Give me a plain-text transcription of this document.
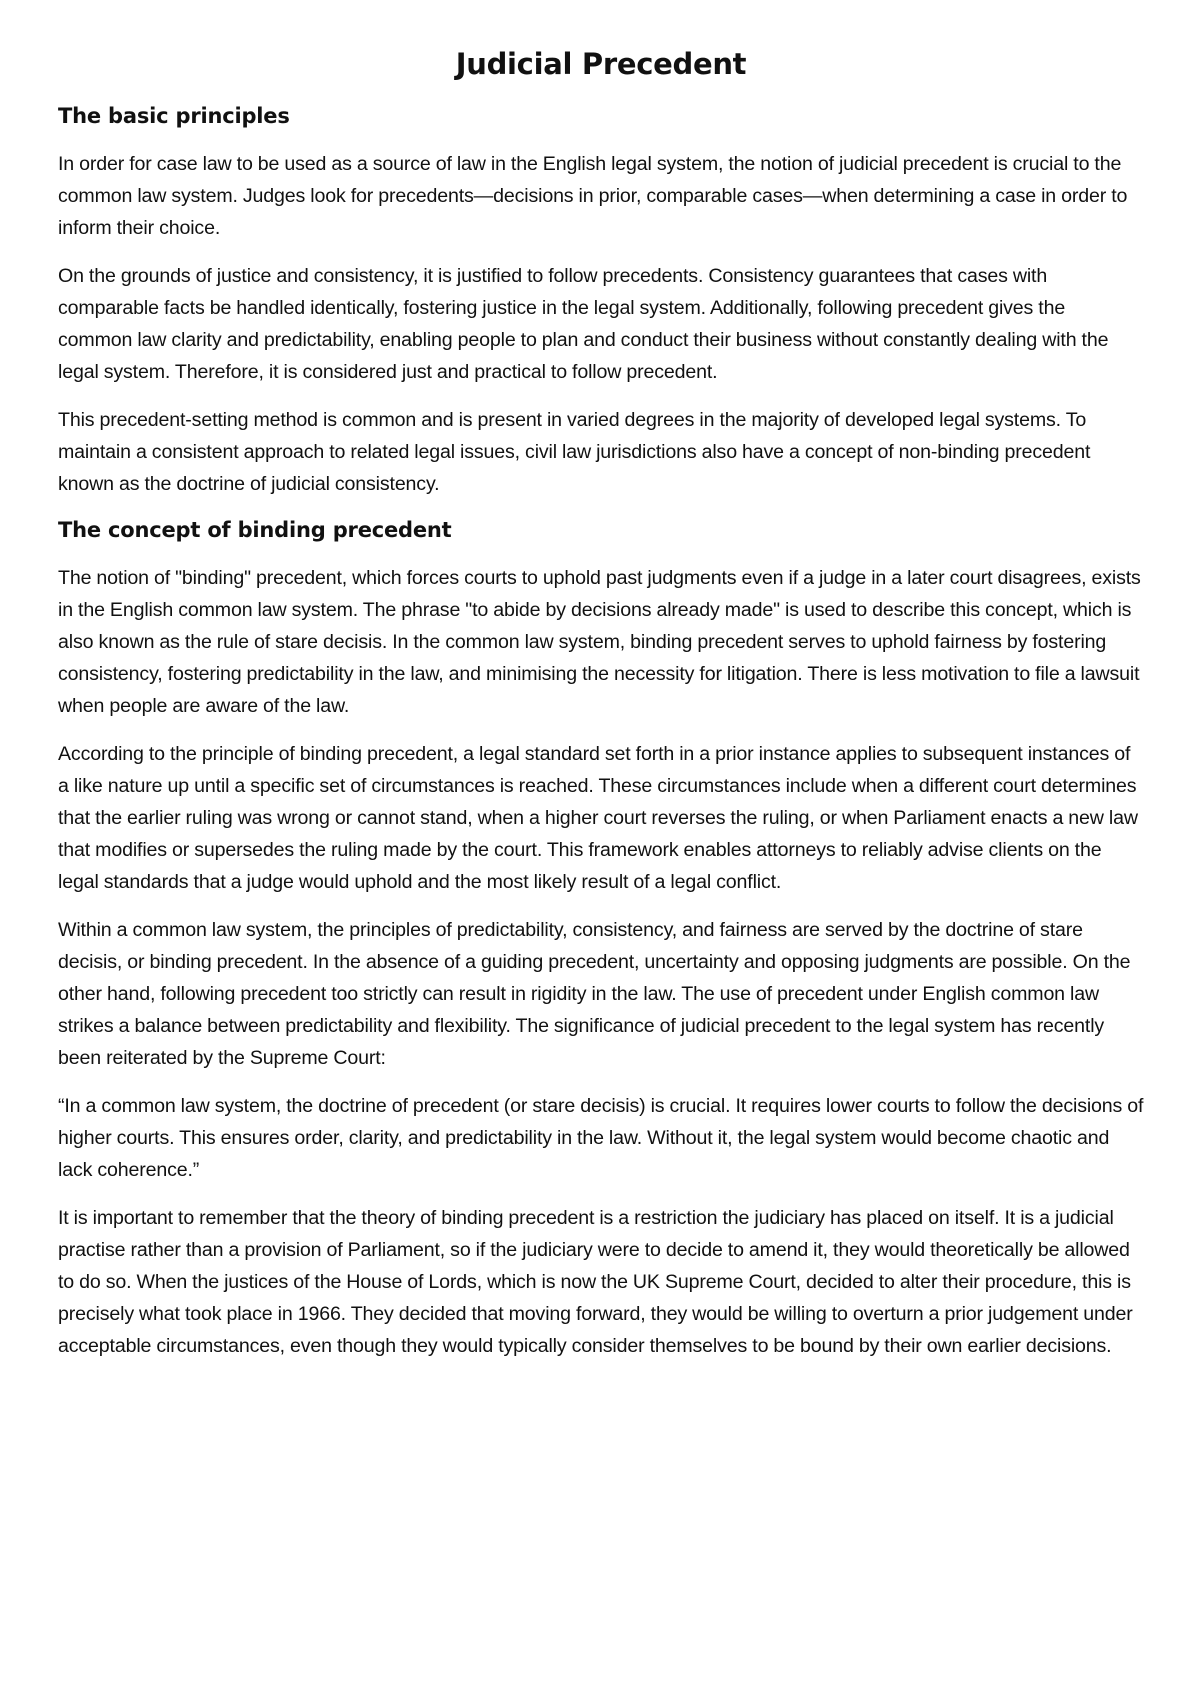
Judicial Precedent
The basic principles

In order for case law to be used as a source of law in the English legal system, the notion of judicial precedent is crucial to the common law system. Judges look for precedents—decisions in prior, comparable cases—when determining a case in order to inform their choice.

On the grounds of justice and consistency, it is justified to follow precedents. Consistency guarantees that cases with comparable facts be handled identically, fostering justice in the legal system. Additionally, following precedent gives the common law clarity and predictability, enabling people to plan and conduct their business without constantly dealing with the legal system. Therefore, it is considered just and practical to follow precedent.

This precedent-setting method is common and is present in varied degrees in the majority of developed legal systems. To maintain a consistent approach to related legal issues, civil law jurisdictions also have a concept of non-binding precedent known as the doctrine of judicial consistency.

The concept of binding precedent

The notion of "binding" precedent, which forces courts to uphold past judgments even if a judge in a later court disagrees, exists in the English common law system. The phrase "to abide by decisions already made" is used to describe this concept, which is also known as the rule of stare decisis. In the common law system, binding precedent serves to uphold fairness by fostering consistency, fostering predictability in the law, and minimising the necessity for litigation. There is less motivation to file a lawsuit when people are aware of the law.

According to the principle of binding precedent, a legal standard set forth in a prior instance applies to subsequent instances of a like nature up until a specific set of circumstances is reached. These circumstances include when a different court determines that the earlier ruling was wrong or cannot stand, when a higher court reverses the ruling, or when Parliament enacts a new law that modifies or supersedes the ruling made by the court. This framework enables attorneys to reliably advise clients on the legal standards that a judge would uphold and the most likely result of a legal conflict.

Within a common law system, the principles of predictability, consistency, and fairness are served by the doctrine of stare decisis, or binding precedent. In the absence of a guiding precedent, uncertainty and opposing judgments are possible. On the other hand, following precedent too strictly can result in rigidity in the law. The use of precedent under English common law strikes a balance between predictability and flexibility. The significance of judicial precedent to the legal system has recently been reiterated by the Supreme Court:

“In a common law system, the doctrine of precedent (or stare decisis) is crucial. It requires lower courts to follow the decisions of higher courts. This ensures order, clarity, and predictability in the law. Without it, the legal system would become chaotic and lack coherence.”

It is important to remember that the theory of binding precedent is a restriction the judiciary has placed on itself. It is a judicial practise rather than a provision of Parliament, so if the judiciary were to decide to amend it, they would theoretically be allowed to do so. When the justices of the House of Lords, which is now the UK Supreme Court, decided to alter their procedure, this is precisely what took place in 1966. They decided that moving forward, they would be willing to overturn a prior judgement under acceptable circumstances, even though they would typically consider themselves to be bound by their own earlier decisions.
